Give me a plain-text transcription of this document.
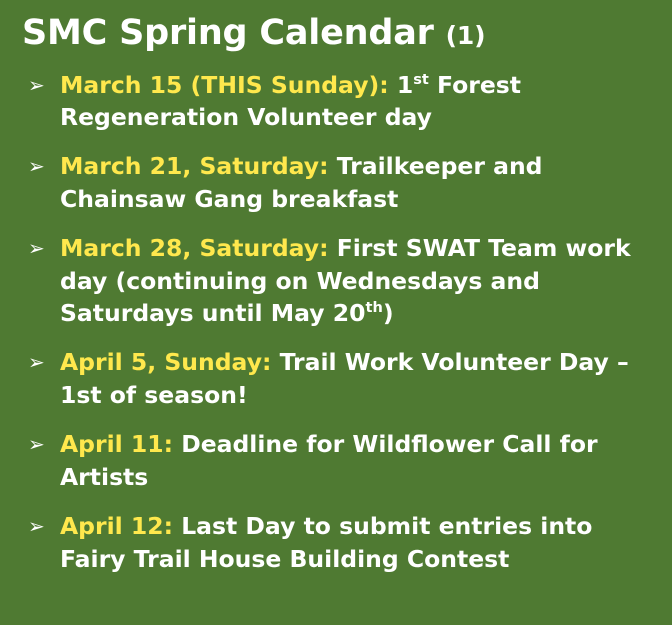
SMC Spring Calendar (1)
➢ March 15 (THIS Sunday): 1st Forest Regeneration Volunteer day
➢ March 21, Saturday: Trailkeeper and Chainsaw Gang breakfast
➢ March 28, Saturday: First SWAT Team work day (continuing on Wednesdays and Saturdays until May 20th)
➢ April 5, Sunday: Trail Work Volunteer Day – 1st of season!
➢ April 11: Deadline for Wildflower Call for Artists
➢ April 12: Last Day to submit entries into Fairy Trail House Building Contest
